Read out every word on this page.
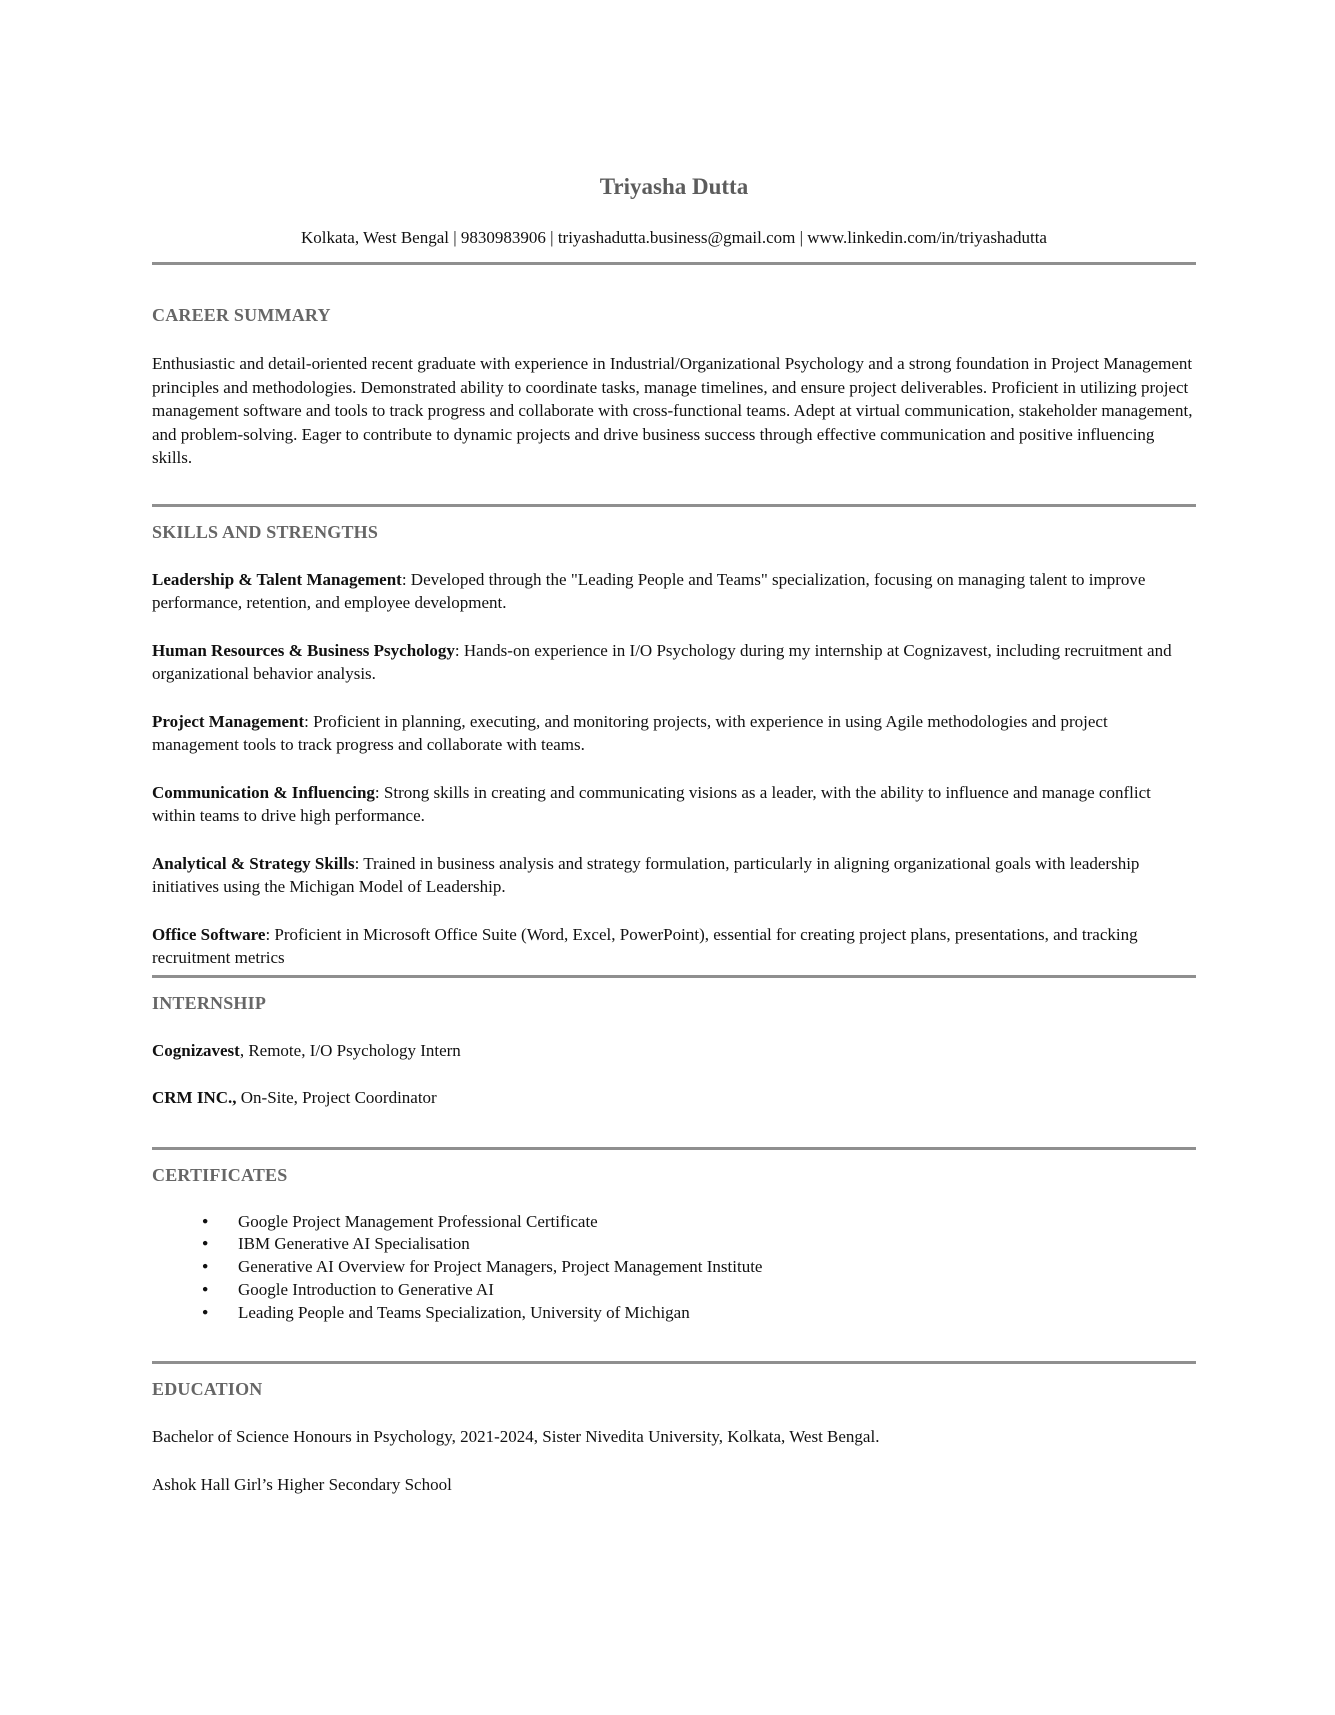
Triyasha Dutta

Kolkata, West Bengal | 9830983906 | triyashadutta.business@gmail.com | www.linkedin.com/in/triyashadutta

CAREER SUMMARY

Enthusiastic and detail-oriented recent graduate with experience in Industrial/Organizational Psychology and a strong foundation in Project Management principles and methodologies. Demonstrated ability to coordinate tasks, manage timelines, and ensure project deliverables. Proficient in utilizing project management software and tools to track progress and collaborate with cross-functional teams. Adept at virtual communication, stakeholder management, and problem-solving. Eager to contribute to dynamic projects and drive business success through effective communication and positive influencing skills.

SKILLS AND STRENGTHS

Leadership & Talent Management: Developed through the "Leading People and Teams" specialization, focusing on managing talent to improve performance, retention, and employee development.

Human Resources & Business Psychology: Hands-on experience in I/O Psychology during my internship at Cognizavest, including recruitment and organizational behavior analysis.

Project Management: Proficient in planning, executing, and monitoring projects, with experience in using Agile methodologies and project management tools to track progress and collaborate with teams.

Communication & Influencing: Strong skills in creating and communicating visions as a leader, with the ability to influence and manage conflict within teams to drive high performance.

Analytical & Strategy Skills: Trained in business analysis and strategy formulation, particularly in aligning organizational goals with leadership initiatives using the Michigan Model of Leadership.

Office Software: Proficient in Microsoft Office Suite (Word, Excel, PowerPoint), essential for creating project plans, presentations, and tracking recruitment metrics

INTERNSHIP

Cognizavest, Remote, I/O Psychology Intern

CRM INC., On-Site, Project Coordinator

CERTIFICATES
● Google Project Management Professional Certificate
● IBM Generative AI Specialisation
● Generative AI Overview for Project Managers, Project Management Institute
● Google Introduction to Generative AI
● Leading People and Teams Specialization, University of Michigan
EDUCATION

Bachelor of Science Honours in Psychology, 2021-2024, Sister Nivedita University, Kolkata, West Bengal.

Ashok Hall Girl’s Higher Secondary School
